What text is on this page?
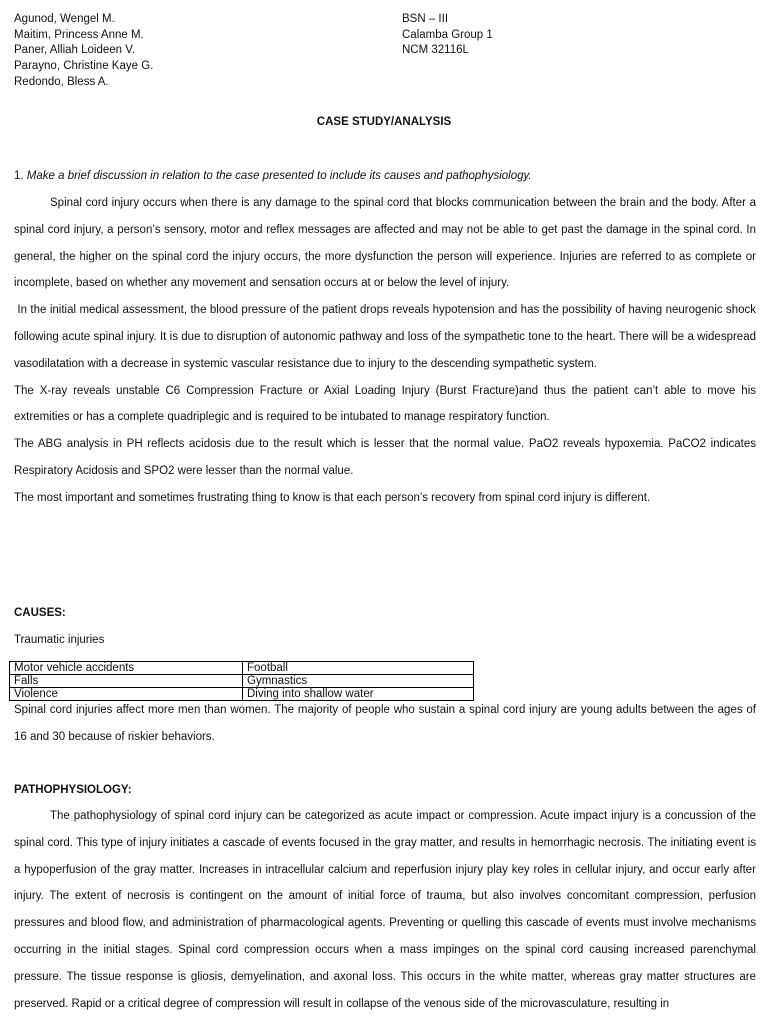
Agunod, Wengel M.
Maitim, Princess Anne M.
Paner, Alliah Loideen V.
Parayno, Christine Kaye G.
Redondo, Bless A.
BSN – III
Calamba Group 1
NCM 32116L
CASE STUDY/ANALYSIS
1. Make a brief discussion in relation to the case presented to include its causes and pathophysiology.

Spinal cord injury occurs when there is any damage to the spinal cord that blocks communication between the brain and the body. After a spinal cord injury, a person’s sensory, motor and reflex messages are affected and may not be able to get past the damage in the spinal cord. In general, the higher on the spinal cord the injury occurs, the more dysfunction the person will experience. Injuries are referred to as complete or incomplete, based on whether any movement and sensation occurs at or below the level of injury.

In the initial medical assessment, the blood pressure of the patient drops reveals hypotension and has the possibility of having neurogenic shock following acute spinal injury. It is due to disruption of autonomic pathway and loss of the sympathetic tone to the heart. There will be a widespread vasodilatation with a decrease in systemic vascular resistance due to injury to the descending sympathetic system.

The X-ray reveals unstable C6 Compression Fracture or Axial Loading Injury (Burst Fracture)and thus the patient can’t able to move his extremities or has a complete quadriplegic and is required to be intubated to manage respiratory function.

The ABG analysis in PH reflects acidosis due to the result which is lesser that the normal value. PaO2 reveals hypoxemia. PaCO2 indicates Respiratory Acidosis and SPO2 were lesser than the normal value.

The most important and sometimes frustrating thing to know is that each person’s recovery from spinal cord injury is different.

CAUSES:
Traumatic injuries
Motor vehicle accidents	Football
Falls	Gymnastics
Violence	Diving into shallow water

Spinal cord injuries affect more men than women. The majority of people who sustain a spinal cord injury are young adults between the ages of 16 and 30 because of riskier behaviors.

PATHOPHYSIOLOGY:

The pathophysiology of spinal cord injury can be categorized as acute impact or compression. Acute impact injury is a concussion of the spinal cord. This type of injury initiates a cascade of events focused in the gray matter, and results in hemorrhagic necrosis. The initiating event is a hypoperfusion of the gray matter. Increases in intracellular calcium and reperfusion injury play key roles in cellular injury, and occur early after injury. The extent of necrosis is contingent on the amount of initial force of trauma, but also involves concomitant compression, perfusion pressures and blood flow, and administration of pharmacological agents. Preventing or quelling this cascade of events must involve mechanisms occurring in the initial stages. Spinal cord compression occurs when a mass impinges on the spinal cord causing increased parenchymal pressure. The tissue response is gliosis, demyelination, and axonal loss. This occurs in the white matter, whereas gray matter structures are preserved. Rapid or a critical degree of compression will result in collapse of the venous side of the microvasculature, resulting in
